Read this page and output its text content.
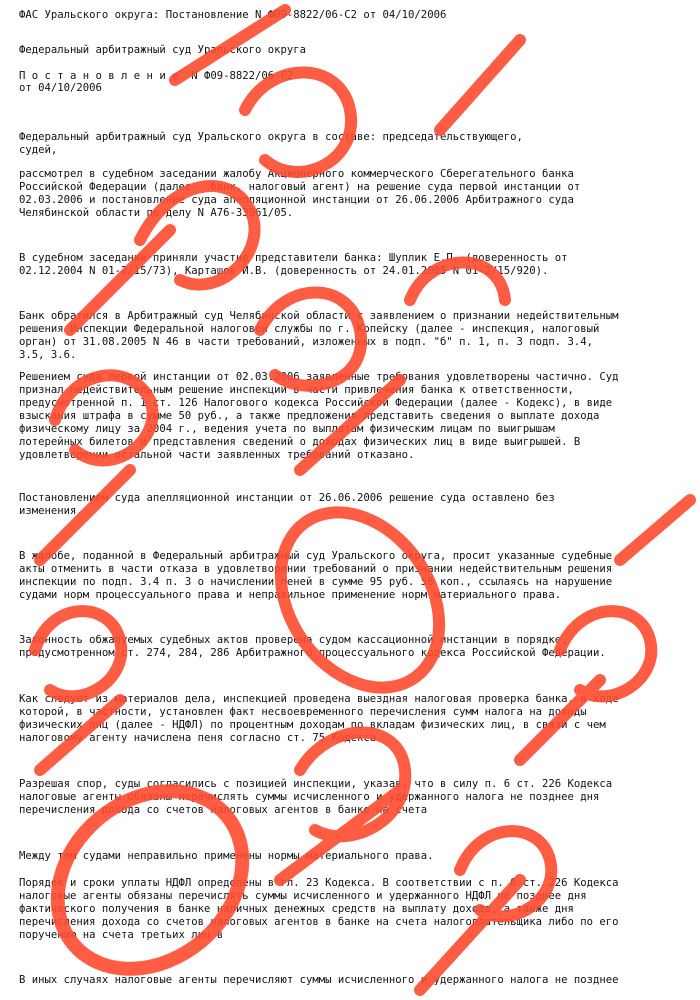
ФАС Уральского округа: Постановление N Ф09-8822/06-С2 от 04/10/2006
Федеральный арбитражный суд Уральского округа
П о с т а н о в л е н и е  N Ф09-8822/06-С2
от 04/10/2006
Федеральный арбитражный суд Уральского округа в составе: председательствующего,
судей,
рассмотрел в судебном заседании жалобу Акционерного коммерческого Сберегательного банка
Российской Федерации (далее - банк, налоговый агент) на решение суда первой инстанции от
02.03.2006 и постановление суда апелляционной инстанции от 26.06.2006 Арбитражного суда
Челябинской области по делу N А76-33961/05.
В судебном заседании приняли участие представители банка: Шуплик Е.П. (доверенность от
02.12.2004 N 01-2/15/73), Карташов И.В. (доверенность от 24.01.2005 N 01-2/15/920).
Банк обратился в Арбитражный суд Челябинской области с заявлением о признании недействительным
решения Инспекции Федеральной налоговой службы по г. Копейску (далее - инспекция, налоговый
орган) от 31.08.2005 N 46 в части требований, изложенных в подп. "б" п. 1, п. 3 подп. 3.4,
3.5, 3.6.
Решением суда первой инстанции от 02.03.2006 заявленные требования удовлетворены частично. Суд
признал недействительным решение инспекции в части привлечения банка к ответственности,
предусмотренной п. 1 ст. 126 Налогового кодекса Российской Федерации (далее - Кодекс), в виде
взыскания штрафа в сумме 50 руб., а также предложения представить сведения о выплате дохода
физическому лицу за 2004 г., ведения учета по выплатам физическим лицам по выигрышам
лотерейных билетов и представления сведений о доходах физических лиц в виде выигрышей. В
удовлетворении остальной части заявленных требований отказано.
Постановлением суда апелляционной инстанции от 26.06.2006 решение суда оставлено без
изменения.
В жалобе, поданной в Федеральный арбитражный суд Уральского округа, просит указанные судебные
акты отменить в части отказа в удовлетворении требований о признании недействительным решения
инспекции по подп. 3.4 п. 3 о начислении пеней в сумме 95 руб. 58 коп., ссылаясь на нарушение
судами норм процессуального права и неправильное применение норм материального права.
Законность обжалуемых судебных актов проверена судом кассационной инстанции в порядке,
предусмотренном ст. 274, 284, 286 Арбитражного процессуального кодекса Российской Федерации.
Как следует из материалов дела, инспекцией проведена выездная налоговая проверка банка, в ходе
которой, в частности, установлен факт несвоевременного перечисления сумм налога на доходы
физических лиц (далее - НДФЛ) по процентным доходам по вкладам физических лиц, в связи с чем
налоговому агенту начислена пеня согласно ст. 75 Кодекса.
Разрешая спор, суды согласились с позицией инспекции, указав, что в силу п. 6 ст. 226 Кодекса
налоговые агенты обязаны перечислять суммы исчисленного и удержанного налога не позднее дня
перечисления дохода со счетов налоговых агентов в банке на счета
Между тем судами неправильно применены нормы материального права.
Порядок и сроки уплаты НДФЛ определены в гл. 23 Кодекса. В соответствии с п. 6 ст. 226 Кодекса
налоговые агенты обязаны перечислять суммы исчисленного и удержанного НДФЛ не позднее дня
фактического получения в банке наличных денежных средств на выплату дохода, а также дня
перечисления дохода со счетов налоговых агентов в банке на счета налогоплательщика либо по его
поручению на счета третьих лиц в
В иных случаях налоговые агенты перечисляют суммы исчисленного и удержанного налога не позднее
